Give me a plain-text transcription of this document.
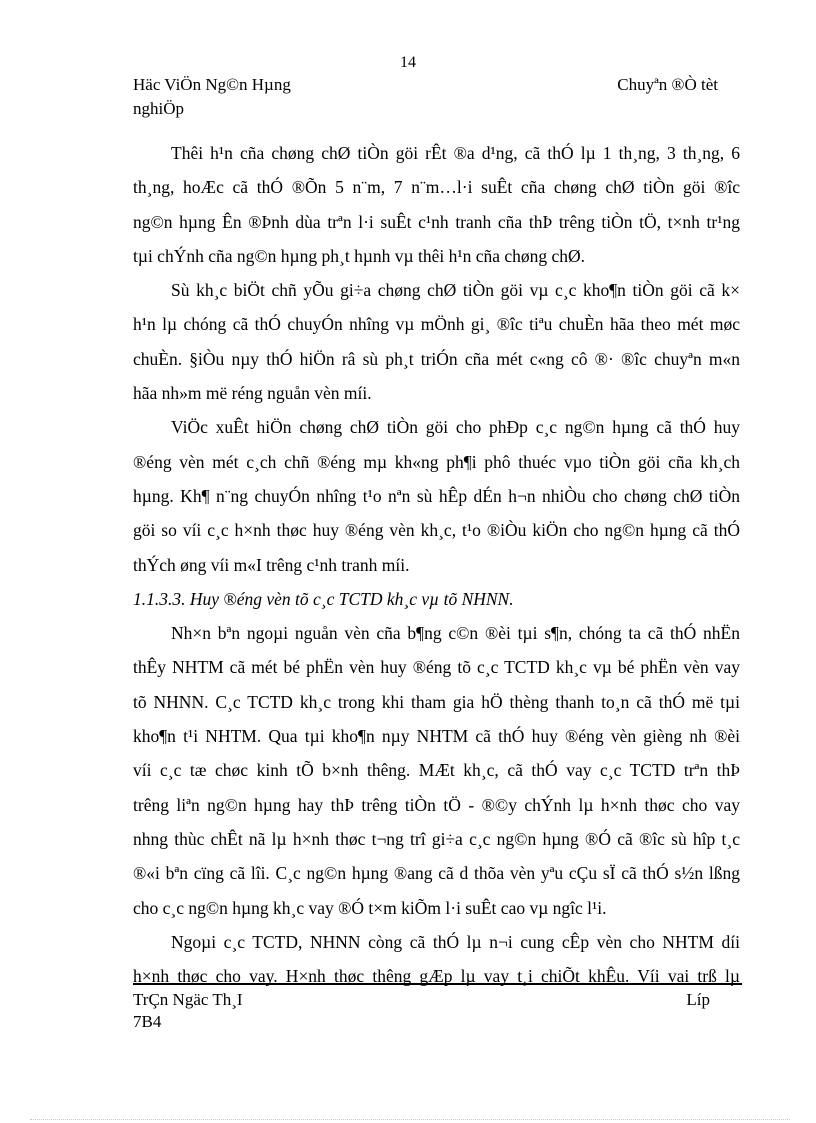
14
Häc ViÖn Ng©n Hµng	Chuyªn ®Ò tèt
nghiÖp
Thêi h¹n cña chøng chØ tiÒn göi rÊt ®a d¹ng, cã thÓ lµ 1 th¸ng, 3 th¸ng, 6
th¸ng, hoÆc cã thÓ ®Õn 5 n¨m, 7 n¨m…l·i suÊt cña chøng chØ tiÒn göi ®îc
ng©n hµng Ên ®Þnh dùa trªn l·i suÊt c¹nh tranh cña thÞ trêng tiÒn tÖ, t×nh tr¹ng
tµi chÝnh cña ng©n hµng ph¸t hµnh vµ thêi h¹n cña chøng chØ.
Sù kh¸c biÖt chñ yÕu gi÷a chøng chØ tiÒn göi vµ c¸c kho¶n tiÒn göi cã k×
h¹n lµ chóng cã thÓ chuyÓn nhîng vµ mÖnh gi¸ ®îc tiªu chuÈn hãa theo mét møc
chuÈn. §iÒu nµy thÓ hiÖn râ sù ph¸t triÓn cña mét c«ng cô ®· ®îc chuyªn m«n
hãa nh»m më réng nguån vèn míi.
ViÖc xuÊt hiÖn chøng chØ tiÒn göi cho phÐp c¸c ng©n hµng cã thÓ huy
®éng vèn mét c¸ch chñ ®éng mµ kh«ng ph¶i phô thuéc vµo tiÒn göi cña kh¸ch
hµng. Kh¶ n¨ng chuyÓn nhîng t¹o nªn sù hÊp dÉn h¬n nhiÒu cho chøng chØ tiÒn
göi so víi c¸c h×nh thøc huy ®éng vèn kh¸c, t¹o ®iÒu kiÖn cho ng©n hµng cã thÓ
thÝch øng víi m«I trêng c¹nh tranh míi.
1.1.3.3. Huy ®éng vèn tõ c¸c TCTD kh¸c vµ tõ NHNN.
Nh×n bªn ngoµi nguån vèn cña b¶ng c©n ®èi tµi s¶n, chóng ta cã thÓ nhËn
thÊy NHTM cã mét bé phËn vèn huy ®éng tõ c¸c TCTD kh¸c vµ bé phËn vèn vay
tõ NHNN. C¸c TCTD kh¸c trong khi tham gia hÖ thèng thanh to¸n cã thÓ më tµi
kho¶n t¹i NHTM. Qua tµi kho¶n nµy NHTM cã thÓ huy ®éng vèn gièng nh ®èi
víi c¸c tæ chøc kinh tÕ b×nh thêng. MÆt kh¸c, cã thÓ vay c¸c TCTD trªn thÞ
trêng liªn ng©n hµng hay thÞ trêng tiÒn tÖ - ®©y chÝnh lµ h×nh thøc cho vay
nhng thùc chÊt nã lµ h×nh thøc t¬ng trî gi÷a c¸c ng©n hµng ®Ó cã ®îc sù hîp t¸c
®«i bªn cïng cã lîi. C¸c ng©n hµng ®ang cã d thõa vèn yªu cÇu sÏ cã thÓ s½n lßng
cho c¸c ng©n hµng kh¸c vay ®Ó t×m kiÕm l·i suÊt cao vµ ngîc l¹i.
Ngoµi c¸c TCTD, NHNN còng cã thÓ lµ n¬i cung cÊp vèn cho NHTM díi
h×nh thøc cho vay. H×nh thøc thêng gÆp lµ vay t¸i chiÕt khÊu. Víi vai trß lµ
TrÇn Ngäc Th¸I	Líp
7B4
